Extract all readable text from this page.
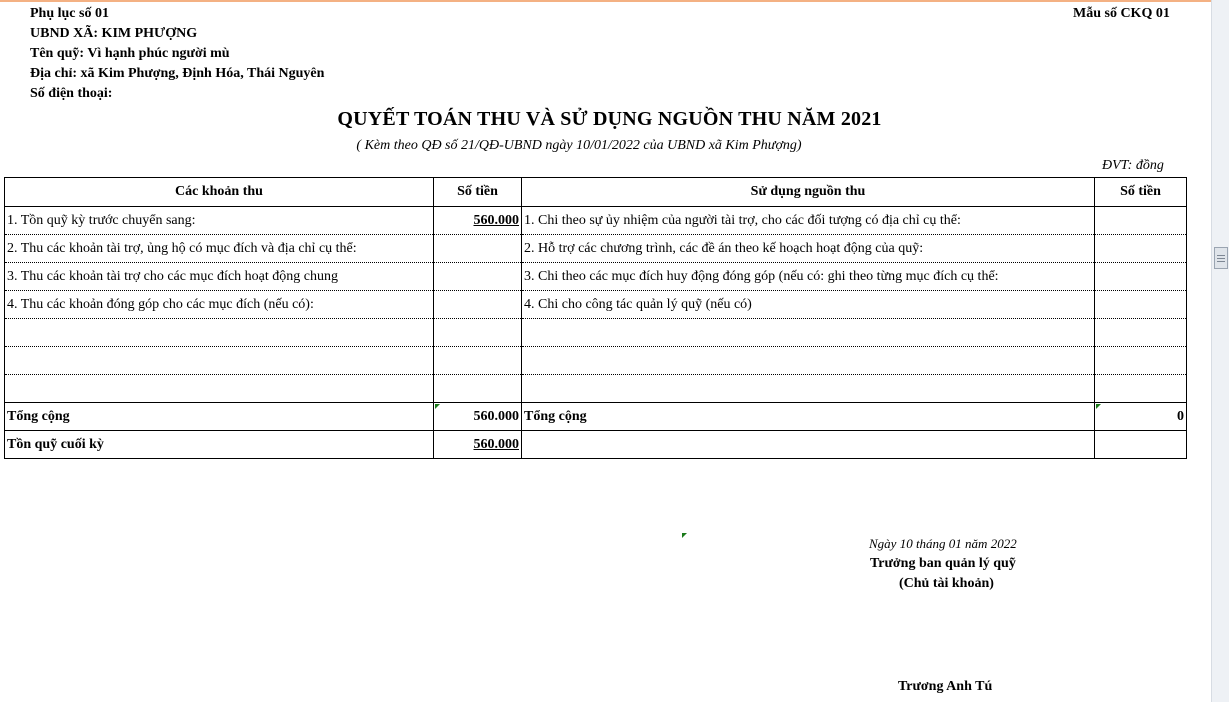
Phụ lục số 01	Mẫu số CKQ 01
UBND XÃ: KIM PHƯỢNG
Tên quỹ: Vì hạnh phúc người mù
Địa chỉ: xã Kim Phượng, Định Hóa, Thái Nguyên
Số điện thoại:
QUYẾT TOÁN THU VÀ SỬ DỤNG NGUỒN THU NĂM 2021
( Kèm theo QĐ số 21/QĐ-UBND ngày 10/01/2022 của UBND xã Kim Phượng)
ĐVT: đồng
Các khoản thu	Số tiền	Sử dụng nguồn thu	Số tiền
1. Tồn quỹ kỳ trước chuyển sang:	560.000	1. Chi theo sự ủy nhiệm của người tài trợ, cho các đối tượng có địa chỉ cụ thể:	
2. Thu các khoản tài trợ, ủng hộ có mục đích và địa chỉ cụ thể:		2. Hỗ trợ các chương trình, các đề án theo kế hoạch hoạt động của quỹ:	
3. Thu các khoản tài trợ cho các mục đích hoạt động chung		3. Chi theo các mục đích huy động đóng góp (nếu có: ghi theo từng mục đích cụ thể:	
4. Thu các khoản đóng góp cho các mục đích (nếu có):		4. Chi cho công tác quản lý quỹ (nếu có)	

Tổng cộng	560.000	Tổng cộng	0
Tồn quỹ cuối kỳ	560.000		
Ngày 10 tháng 01 năm 2022
Trưởng ban quản lý quỹ
(Chủ tài khoản)
Trương Anh Tú
